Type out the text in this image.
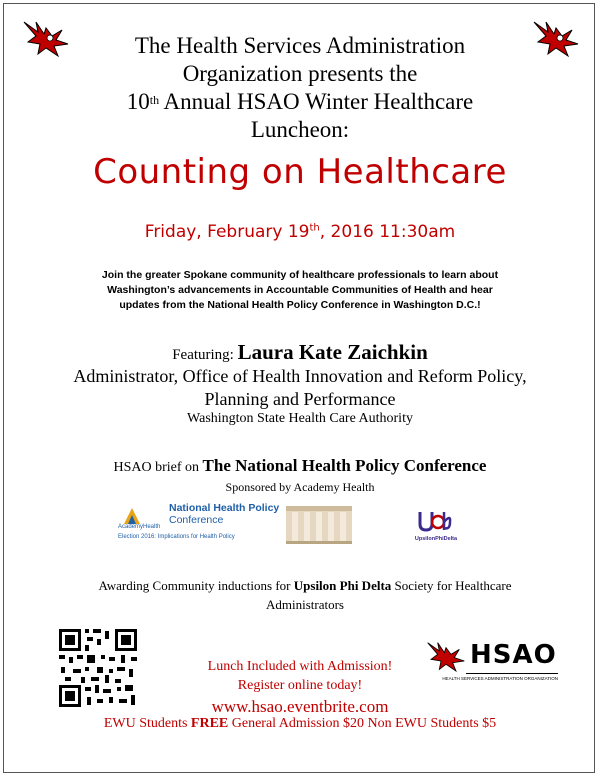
The Health Services Administration
Organization presents the
10th Annual HSAO Winter Healthcare
Luncheon:
Counting on Healthcare
Friday, February 19th, 2016 11:30am
Join the greater Spokane community of healthcare professionals to learn about
Washington’s advancements in Accountable Communities of Health and hear
updates from the National Health Policy Conference in Washington D.C.!
Featuring: Laura Kate Zaichkin
Administrator, Office of Health Innovation and Reform Policy,
Planning and Performance
Washington State Health Care Authority
HSAO brief on The National Health Policy Conference
Sponsored by Academy Health
AcademyHealth
National Health Policy
Conference
Election 2016: Implications for Health Policy	UpsilonPhiDelta
Awarding Community inductions for Upsilon Phi Delta Society for Healthcare
Administrators
HSAO
HEALTH SERVICES ADMINISTRATION ORGANIZATION
Lunch Included with Admission!
Register online today!
www.hsao.eventbrite.com
EWU Students FREE General Admission $20 Non EWU Students $5
